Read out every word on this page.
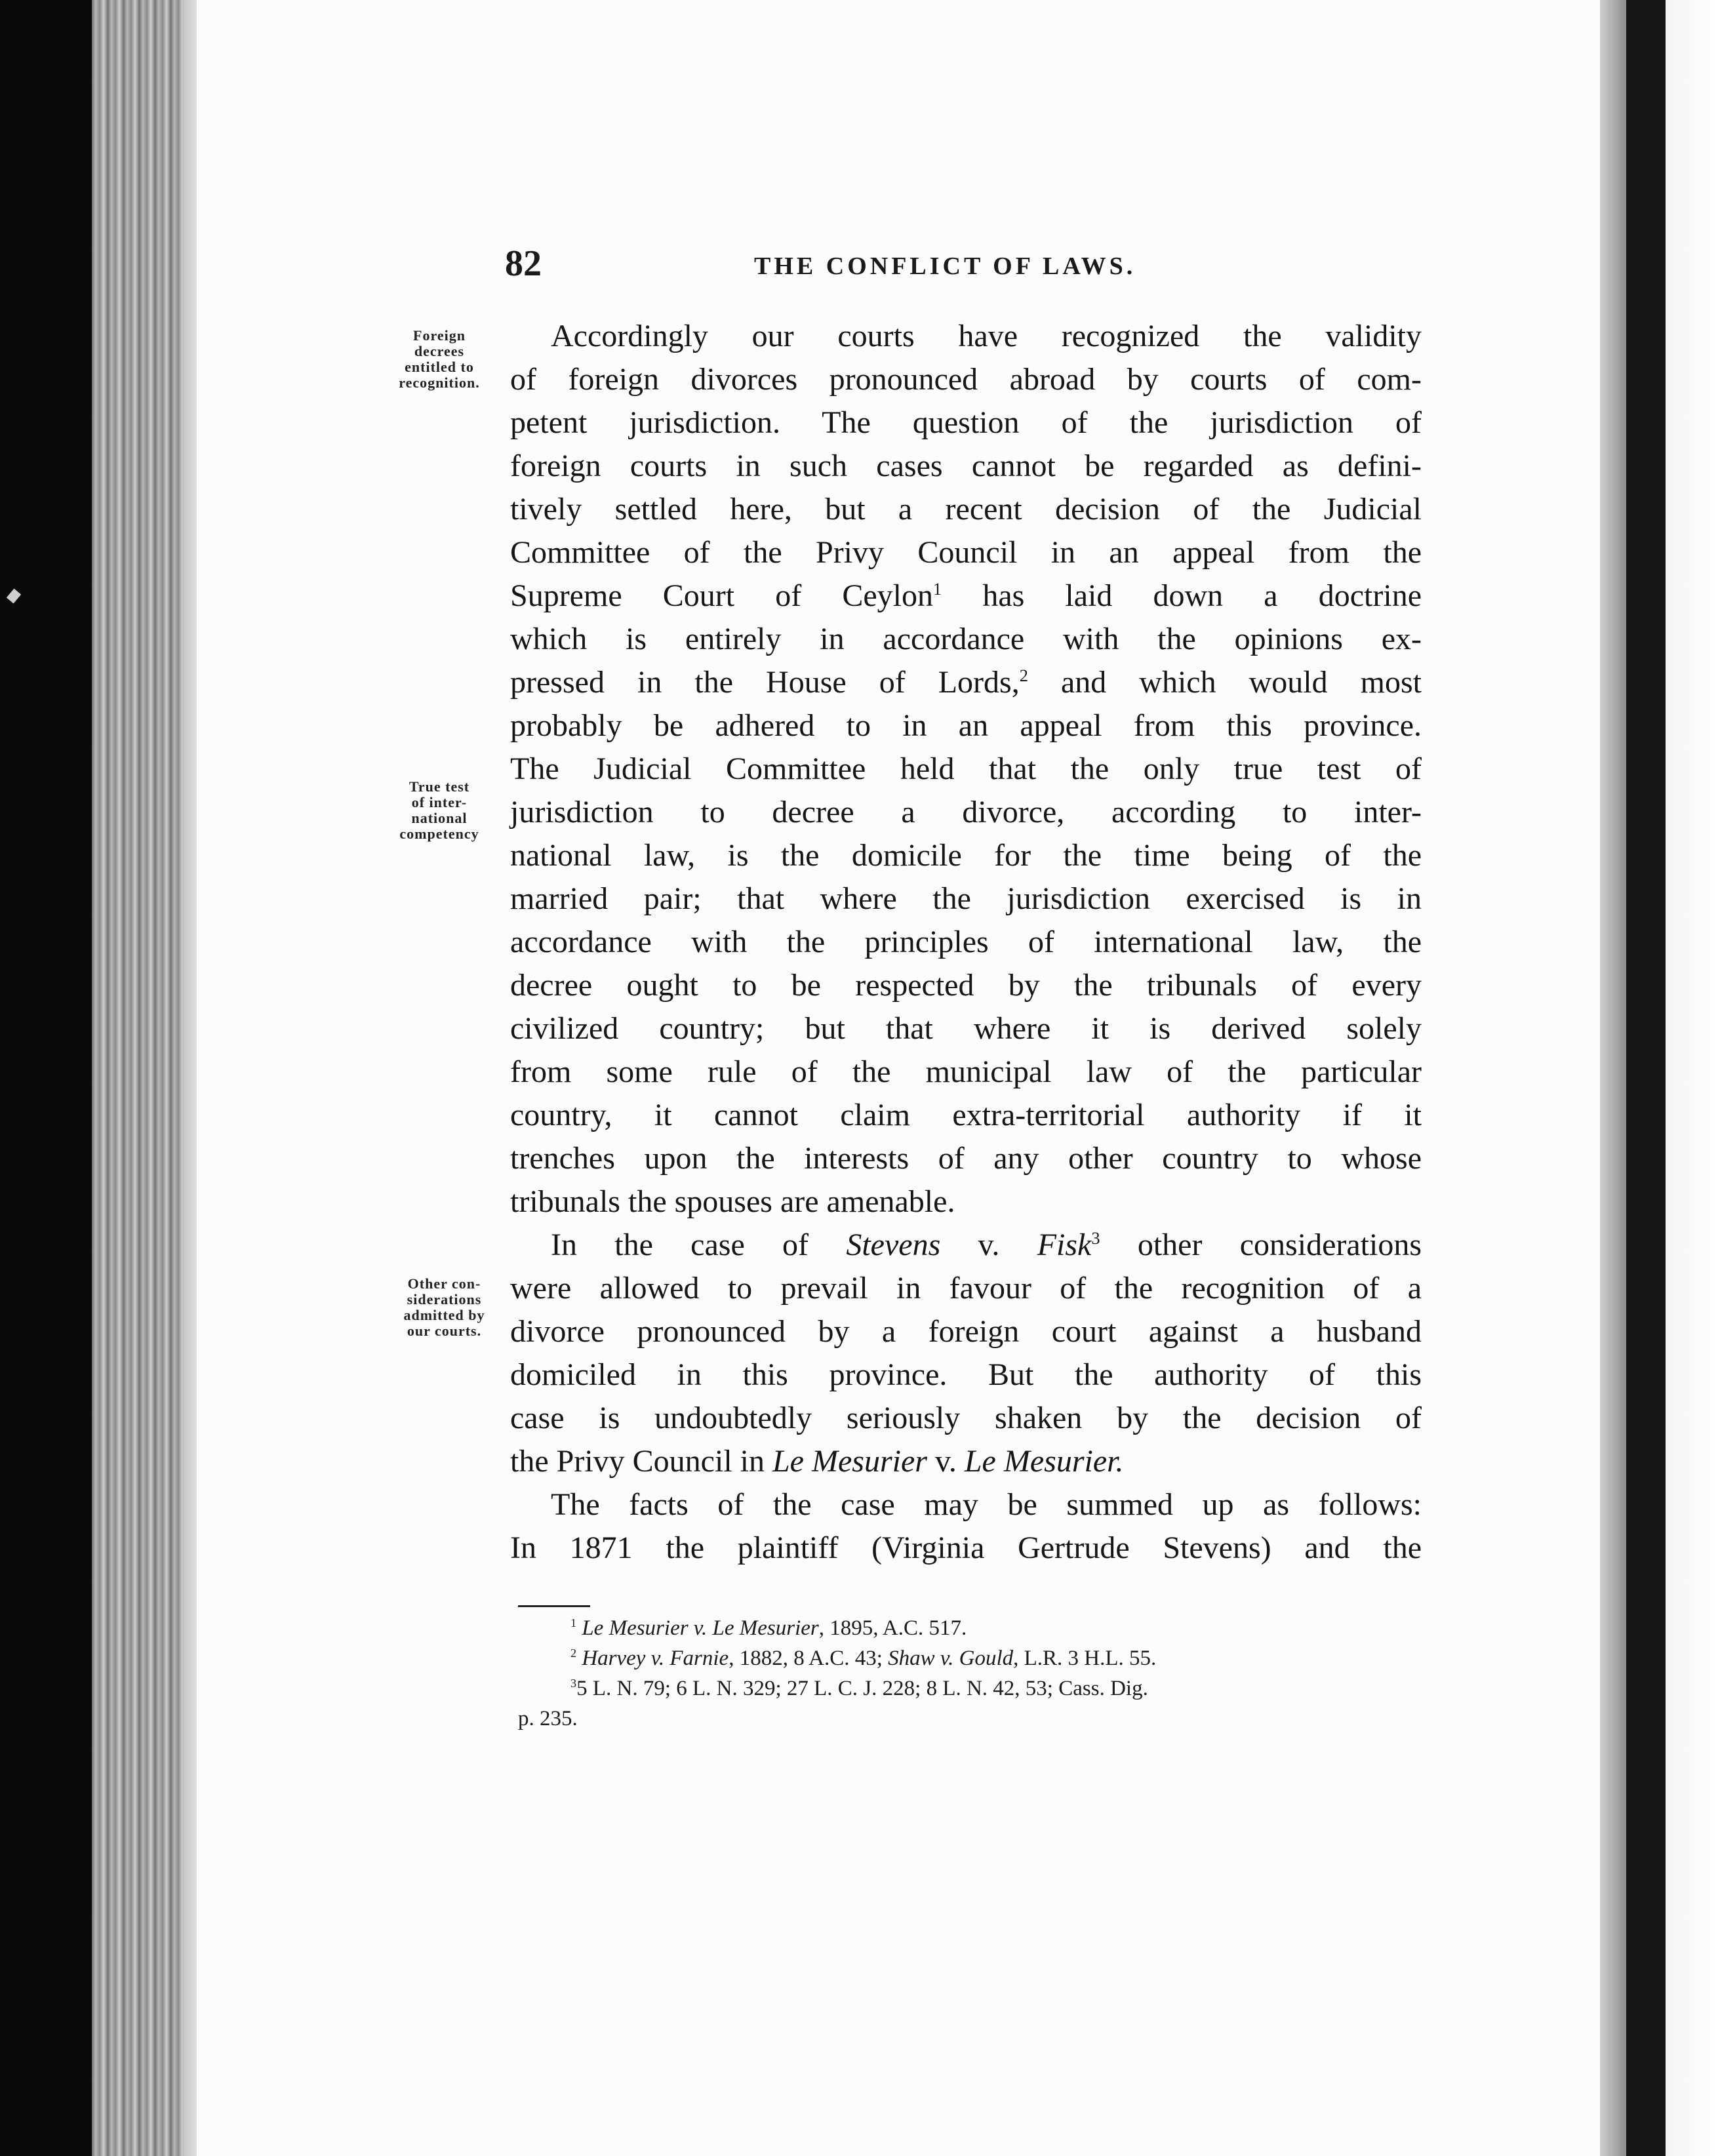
82	THE CONFLICT OF LAWS.
Foreign
decrees
entitled to
recognition.
True test
of inter-
national
competency
Other con-
siderations
admitted by
our courts.
Accordingly our courts have recognized the validity
of foreign divorces pronounced abroad by courts of com-
petent jurisdiction. The question of the jurisdiction of
foreign courts in such cases cannot be regarded as defini-
tively settled here, but a recent decision of the Judicial
Committee of the Privy Council in an appeal from the
Supreme Court of Ceylon$^1$ has laid down a doctrine
which is entirely in accordance with the opinions ex-
pressed in the House of Lords,$^2$ and which would most
probably be adhered to in an appeal from this province.
The Judicial Committee held that the only true test of
jurisdiction to decree a divorce, according to inter-
national law, is the domicile for the time being of the
married pair; that where the jurisdiction exercised is in
accordance with the principles of international law, the
decree ought to be respected by the tribunals of every
civilized country; but that where it is derived solely
from some rule of the municipal law of the particular
country, it cannot claim extra-territorial authority if it
trenches upon the interests of any other country to whose
tribunals the spouses are amenable.
In the case of Stevens v. Fisk$^3$ other considerations
were allowed to prevail in favour of the recognition of a
divorce pronounced by a foreign court against a husband
domiciled in this province. But the authority of this
case is undoubtedly seriously shaken by the decision of
the Privy Council in Le Mesurier v. Le Mesurier.
The facts of the case may be summed up as follows:
In 1871 the plaintiff (Virginia Gertrude Stevens) and the
$^1$ Le Mesurier v. Le Mesurier, 1895, A.C. 517.
$^2$ Harvey v. Farnie, 1882, 8 A.C. 43; Shaw v. Gould, L.R. 3 H.L. 55.
$^3$5 L. N. 79; 6 L. N. 329; 27 L. C. J. 228; 8 L. N. 42, 53; Cass. Dig.
p. 235.
